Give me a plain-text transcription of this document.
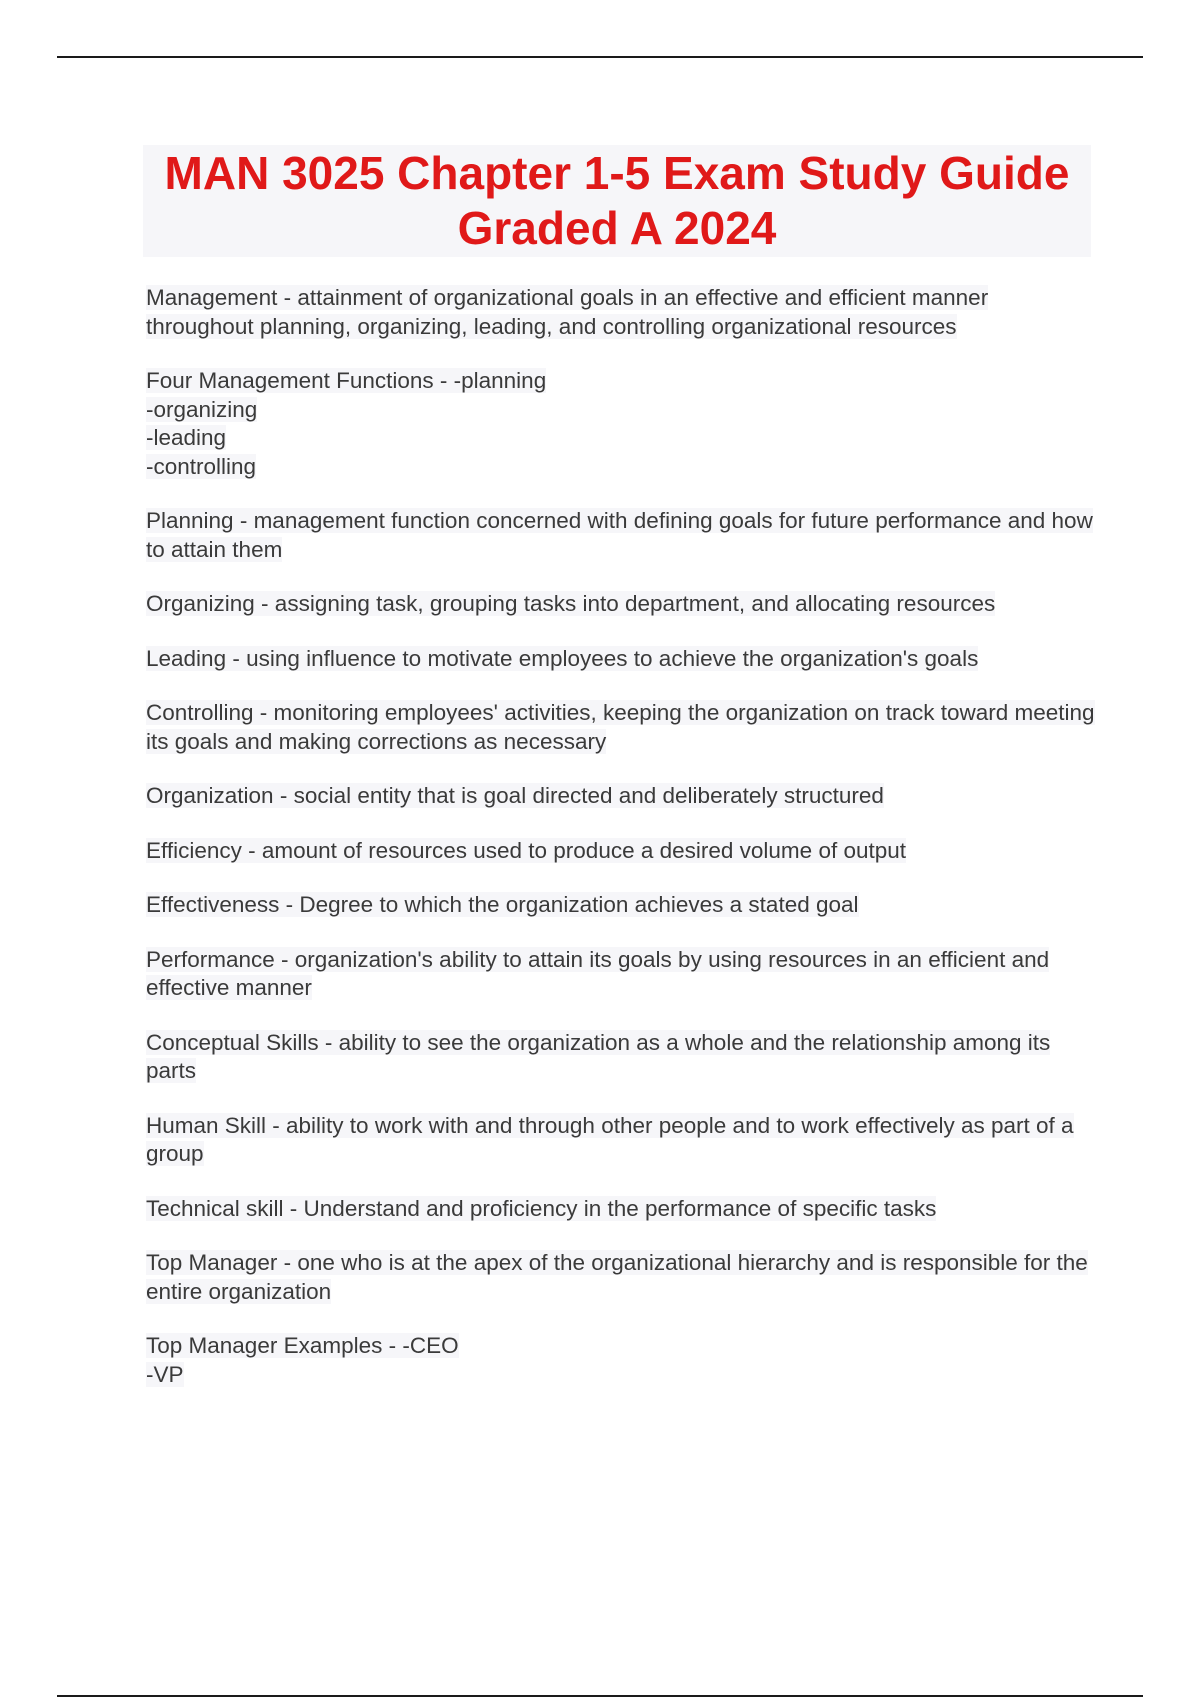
MAN 3025 Chapter 1-5 Exam Study Guide Graded A 2024

Management - attainment of organizational goals in an effective and efficient manner throughout planning, organizing, leading, and controlling organizational resources

Four Management Functions - -planning
-organizing
-leading
-controlling

Planning - management function concerned with defining goals for future performance and how to attain them

Organizing - assigning task, grouping tasks into department, and allocating resources

Leading - using influence to motivate employees to achieve the organization's goals

Controlling - monitoring employees' activities, keeping the organization on track toward meeting its goals and making corrections as necessary

Organization - social entity that is goal directed and deliberately structured

Efficiency - amount of resources used to produce a desired volume of output

Effectiveness - Degree to which the organization achieves a stated goal

Performance - organization's ability to attain its goals by using resources in an efficient and effective manner

Conceptual Skills - ability to see the organization as a whole and the relationship among its parts

Human Skill - ability to work with and through other people and to work effectively as part of a group

Technical skill - Understand and proficiency in the performance of specific tasks

Top Manager - one who is at the apex of the organizational hierarchy and is responsible for the entire organization

Top Manager Examples - -CEO
-VP
